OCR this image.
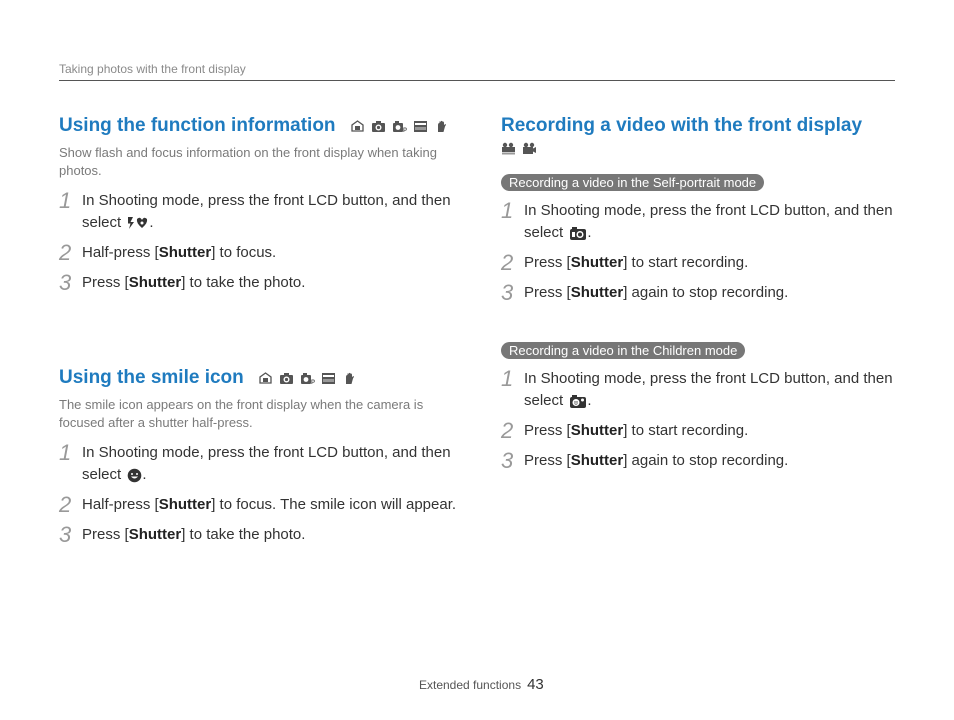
Taking photos with the front display
Using the function information	P

Show flash and focus information on the front display when taking photos.

1 In Shooting mode, press the front LCD button, and then select .
2 Half-press [Shutter] to focus.
3 Press [Shutter] to take the photo.
Using the smile icon	P

The smile icon appears on the front display when the camera is focused after a shutter half-press.

1 In Shooting mode, press the front LCD button, and then select .
2 Half-press [Shutter] to focus. The smile icon will appear.
3 Press [Shutter] to take the photo.
Recording a video with the front display
Recording a video in the Self-portrait mode
1 In Shooting mode, press the front LCD button, and then select .
2 Press [Shutter] to start recording.
3 Press [Shutter] again to stop recording.
Recording a video in the Children mode
1 In Shooting mode, press the front LCD button, and then select .
2 Press [Shutter] to start recording.
3 Press [Shutter] again to stop recording.
Extended functions 43
